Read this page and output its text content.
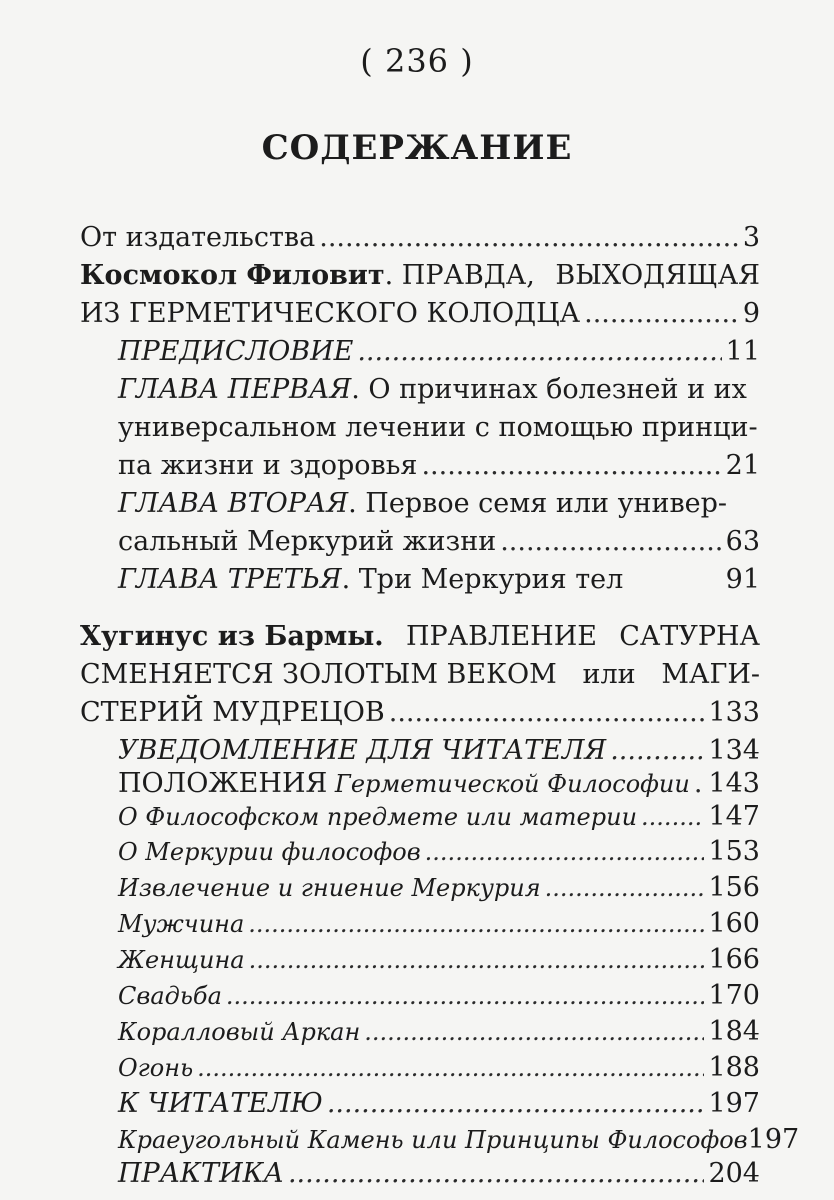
( 236 )
СОДЕРЖАНИЕ
От издательства .....	3
Космокол Филовит. ПРАВДА, ВЫХОДЯЩАЯ
ИЗ ГЕРМЕТИЧЕСКОГО КОЛОДЦА .....	9
ПРЕДИСЛОВИЕ .....	11
ГЛАВА ПЕРВАЯ. О причинах болезней и их
универсальном лечении с помощью принци-
па жизни и здоровья .....	21
ГЛАВА ВТОРАЯ. Первое семя или универ-
сальный Меркурий жизни .....	63
ГЛАВА ТРЕТЬЯ. Три Меркурия тел	91
Хугинус из Бармы. ПРАВЛЕНИЕ САТУРНА
СМЕНЯЕТСЯ ЗОЛОТЫМ ВЕКОМ или МАГИ-
СТЕРИЙ МУДРЕЦОВ .....	133
УВЕДОМЛЕНИЕ ДЛЯ ЧИТАТЕЛЯ .....	134
ПОЛОЖЕНИЯ Герметической Философии ..... 143
О Философском предмете или материи .....	147
О Меркурии философов .....	153
Извлечение и гниение Меркурия .....	156
Мужчина .....	160
Женщина .....	166
Свадьба .....	170
Коралловый Аркан .....	184
Огонь .....	188
К ЧИТАТЕЛЮ .....	197
Краеугольный Камень или Принципы Философов 197
ПРАКТИКА .....	204
